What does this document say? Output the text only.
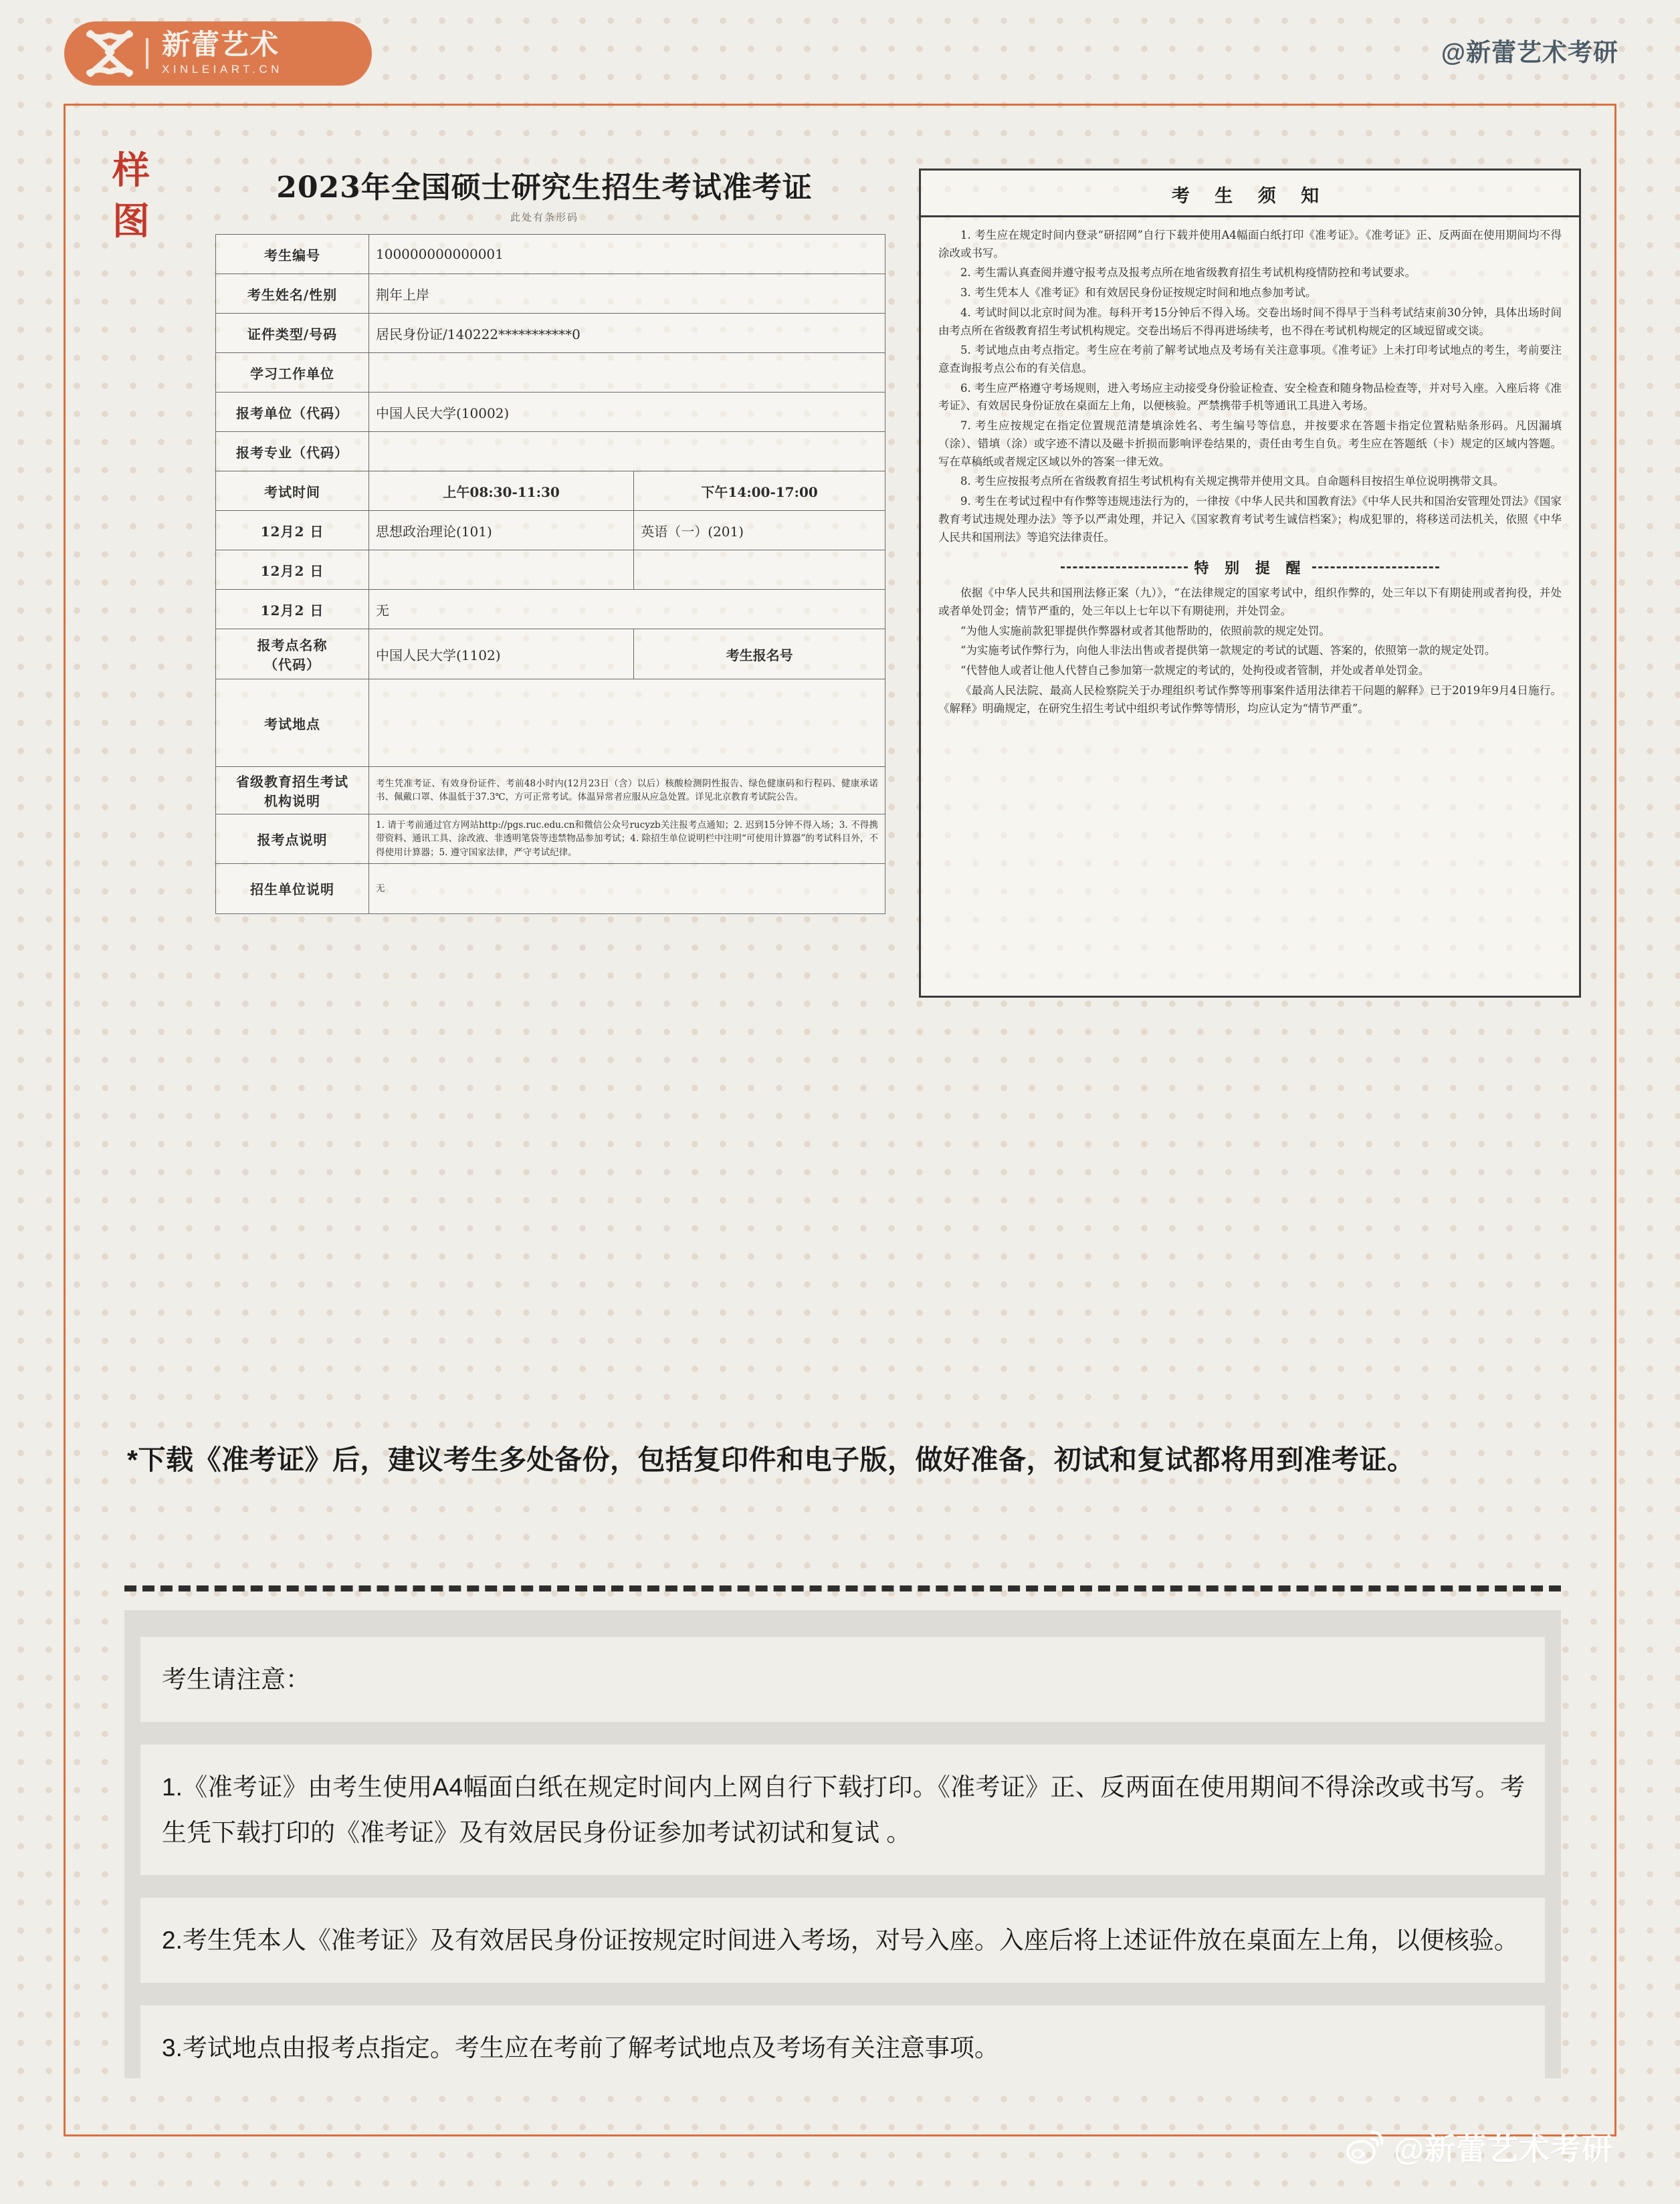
新蕾艺术
XINLEIART.CN
@新蕾艺术考研
样
图
2023年全国硕士研究生招生考试准考证
此处有条形码
考生编号	100000000000001	
考生姓名/性别	荆年上岸	
证件类型/号码	居民身份证/140222***********0	
学习工作单位		
报考单位（代码）	中国人民大学(10002)	
报考专业（代码）		
考试时间	上午08:30-11:30	下午14:00-17:00
12月2 日	思想政治理论(101)	英语（一）(201)
12月2 日		
12月2 日	无	
报考点名称
（代码）	中国人民大学(1102)	考生报名号
考试地点		
省级教育招生考试
机构说明	考生凭准考证、有效身份证件、考前48小时内(12月23日（含）以后）核酸检测阴性报告、绿色健康码和行程码、健康承诺书、佩戴口罩、体温低于37.3℃，方可正常考试。体温异常者应服从应急处置。详见北京教育考试院公告。	
报考点说明	1. 请于考前通过官方网站http://pgs.ruc.edu.cn和微信公众号rucyzb关注报考点通知；2. 迟到15分钟不得入场；3. 不得携带资料、通讯工具、涂改液、非透明笔袋等违禁物品参加考试；4. 除招生单位说明栏中注明“可使用计算器”的考试科目外，不得使用计算器；5. 遵守国家法律，严守考试纪律。	
招生单位说明	无	
考 生 须 知

1. 考生应在规定时间内登录“研招网”自行下载并使用A4幅面白纸打印《准考证》。《准考证》正、反两面在使用期间均不得涂改或书写。

2. 考生需认真查阅并遵守报考点及报考点所在地省级教育招生考试机构疫情防控和考试要求。

3. 考生凭本人《准考证》和有效居民身份证按规定时间和地点参加考试。

4. 考试时间以北京时间为准。每科开考15分钟后不得入场。交卷出场时间不得早于当科考试结束前30分钟，具体出场时间由考点所在省级教育招生考试机构规定。交卷出场后不得再进场续考，也不得在考试机构规定的区域逗留或交谈。

5. 考试地点由考点指定。考生应在考前了解考试地点及考场有关注意事项。《准考证》上未打印考试地点的考生，考前要注意查询报考点公布的有关信息。

6. 考生应严格遵守考场规则，进入考场应主动接受身份验证检查、安全检查和随身物品检查等，并对号入座。入座后将《准考证》、有效居民身份证放在桌面左上角，以便核验。严禁携带手机等通讯工具进入考场。

7. 考生应按规定在指定位置规范清楚填涂姓名、考生编号等信息，并按要求在答题卡指定位置粘贴条形码。凡因漏填（涂）、错填（涂）或字迹不清以及磁卡折损而影响评卷结果的，责任由考生自负。考生应在答题纸（卡）规定的区域内答题。写在草稿纸或者规定区域以外的答案一律无效。

8. 考生应按报考点所在省级教育招生考试机构有关规定携带并使用文具。自命题科目按招生单位说明携带文具。

9. 考生在考试过程中有作弊等违规违法行为的，一律按《中华人民共和国教育法》《中华人民共和国治安管理处罚法》《国家教育考试违规处理办法》等予以严肃处理，并记入《国家教育考试考生诚信档案》；构成犯罪的，将移送司法机关，依照《中华人民共和国刑法》等追究法律责任。

特 别 提 醒

依据《中华人民共和国刑法修正案（九）》，“在法律规定的国家考试中，组织作弊的，处三年以下有期徒刑或者拘役，并处或者单处罚金；情节严重的，处三年以上七年以下有期徒刑，并处罚金。

“为他人实施前款犯罪提供作弊器材或者其他帮助的，依照前款的规定处罚。

“为实施考试作弊行为，向他人非法出售或者提供第一款规定的考试的试题、答案的，依照第一款的规定处罚。

“代替他人或者让他人代替自己参加第一款规定的考试的，处拘役或者管制，并处或者单处罚金。

《最高人民法院、最高人民检察院关于办理组织考试作弊等刑事案件适用法律若干问题的解释》已于2019年9月4日施行。《解释》明确规定，在研究生招生考试中组织考试作弊等情形，均应认定为“情节严重”。

*下载《准考证》后，建议考生多处备份，包括复印件和电子版，做好准备，初试和复试都将用到准考证。

考生请注意：

1.《准考证》由考生使用A4幅面白纸在规定时间内上网自行下载打印。《准考证》正、反两面在使用期间不得涂改或书写。考生凭下载打印的《准考证》及有效居民身份证参加考试初试和复试 。

2.考生凭本人《准考证》及有效居民身份证按规定时间进入考场，对号入座。入座后将上述证件放在桌面左上角，以便核验。

3.考试地点由报考点指定。考生应在考前了解考试地点及考场有关注意事项。

@新蕾艺术考研
